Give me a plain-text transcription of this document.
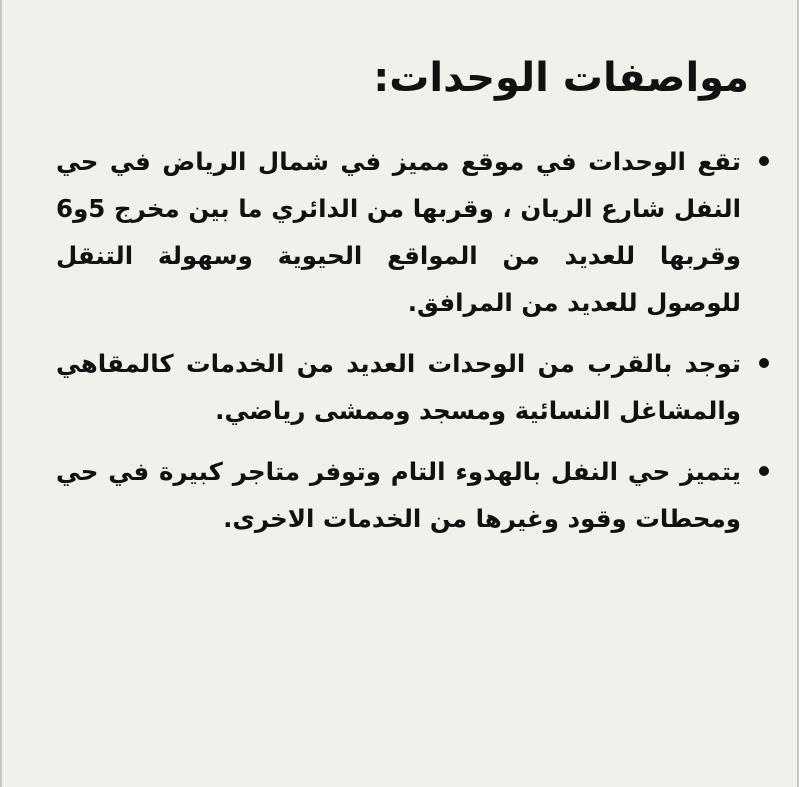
مواصفات الوحدات:
تقع الوحدات في موقع مميز في شمال الرياض في حي النفل شارع الريان ، وقربها من الدائري ما بين مخرج 5و6 وقربها للعديد من المواقع الحيوية وسهولة التنقل للوصول للعديد من المرافق.
توجد بالقرب من الوحدات العديد من الخدمات كالمقاهي والمشاغل النسائية ومسجد وممشى رياضي.
يتميز حي النفل بالهدوء التام وتوفر متاجر كبيرة في حي ومحطات وقود وغيرها من الخدمات الاخرى.
